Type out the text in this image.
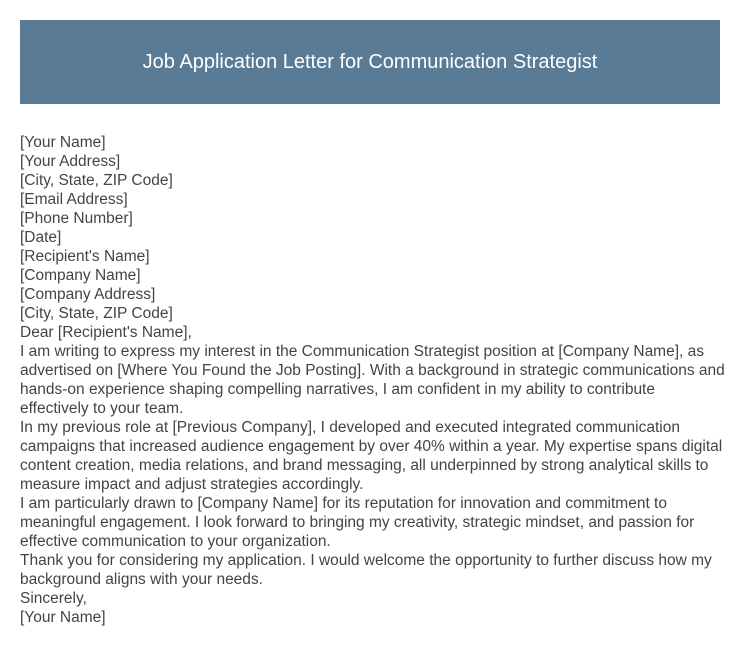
Job Application Letter for Communication Strategist
[Your Name]
[Your Address]
[City, State, ZIP Code]
[Email Address]
[Phone Number]
[Date]
[Recipient's Name]
[Company Name]
[Company Address]
[City, State, ZIP Code]
Dear [Recipient's Name],

I am writing to express my interest in the Communication Strategist position at [Company Name], as advertised on [Where You Found the Job Posting]. With a background in strategic communications and hands-on experience shaping compelling narratives, I am confident in my ability to contribute effectively to your team.

In my previous role at [Previous Company], I developed and executed integrated communication campaigns that increased audience engagement by over 40% within a year. My expertise spans digital content creation, media relations, and brand messaging, all underpinned by strong analytical skills to measure impact and adjust strategies accordingly.

I am particularly drawn to [Company Name] for its reputation for innovation and commitment to meaningful engagement. I look forward to bringing my creativity, strategic mindset, and passion for effective communication to your organization.

Thank you for considering my application. I would welcome the opportunity to further discuss how my background aligns with your needs.

Sincerely,
[Your Name]
